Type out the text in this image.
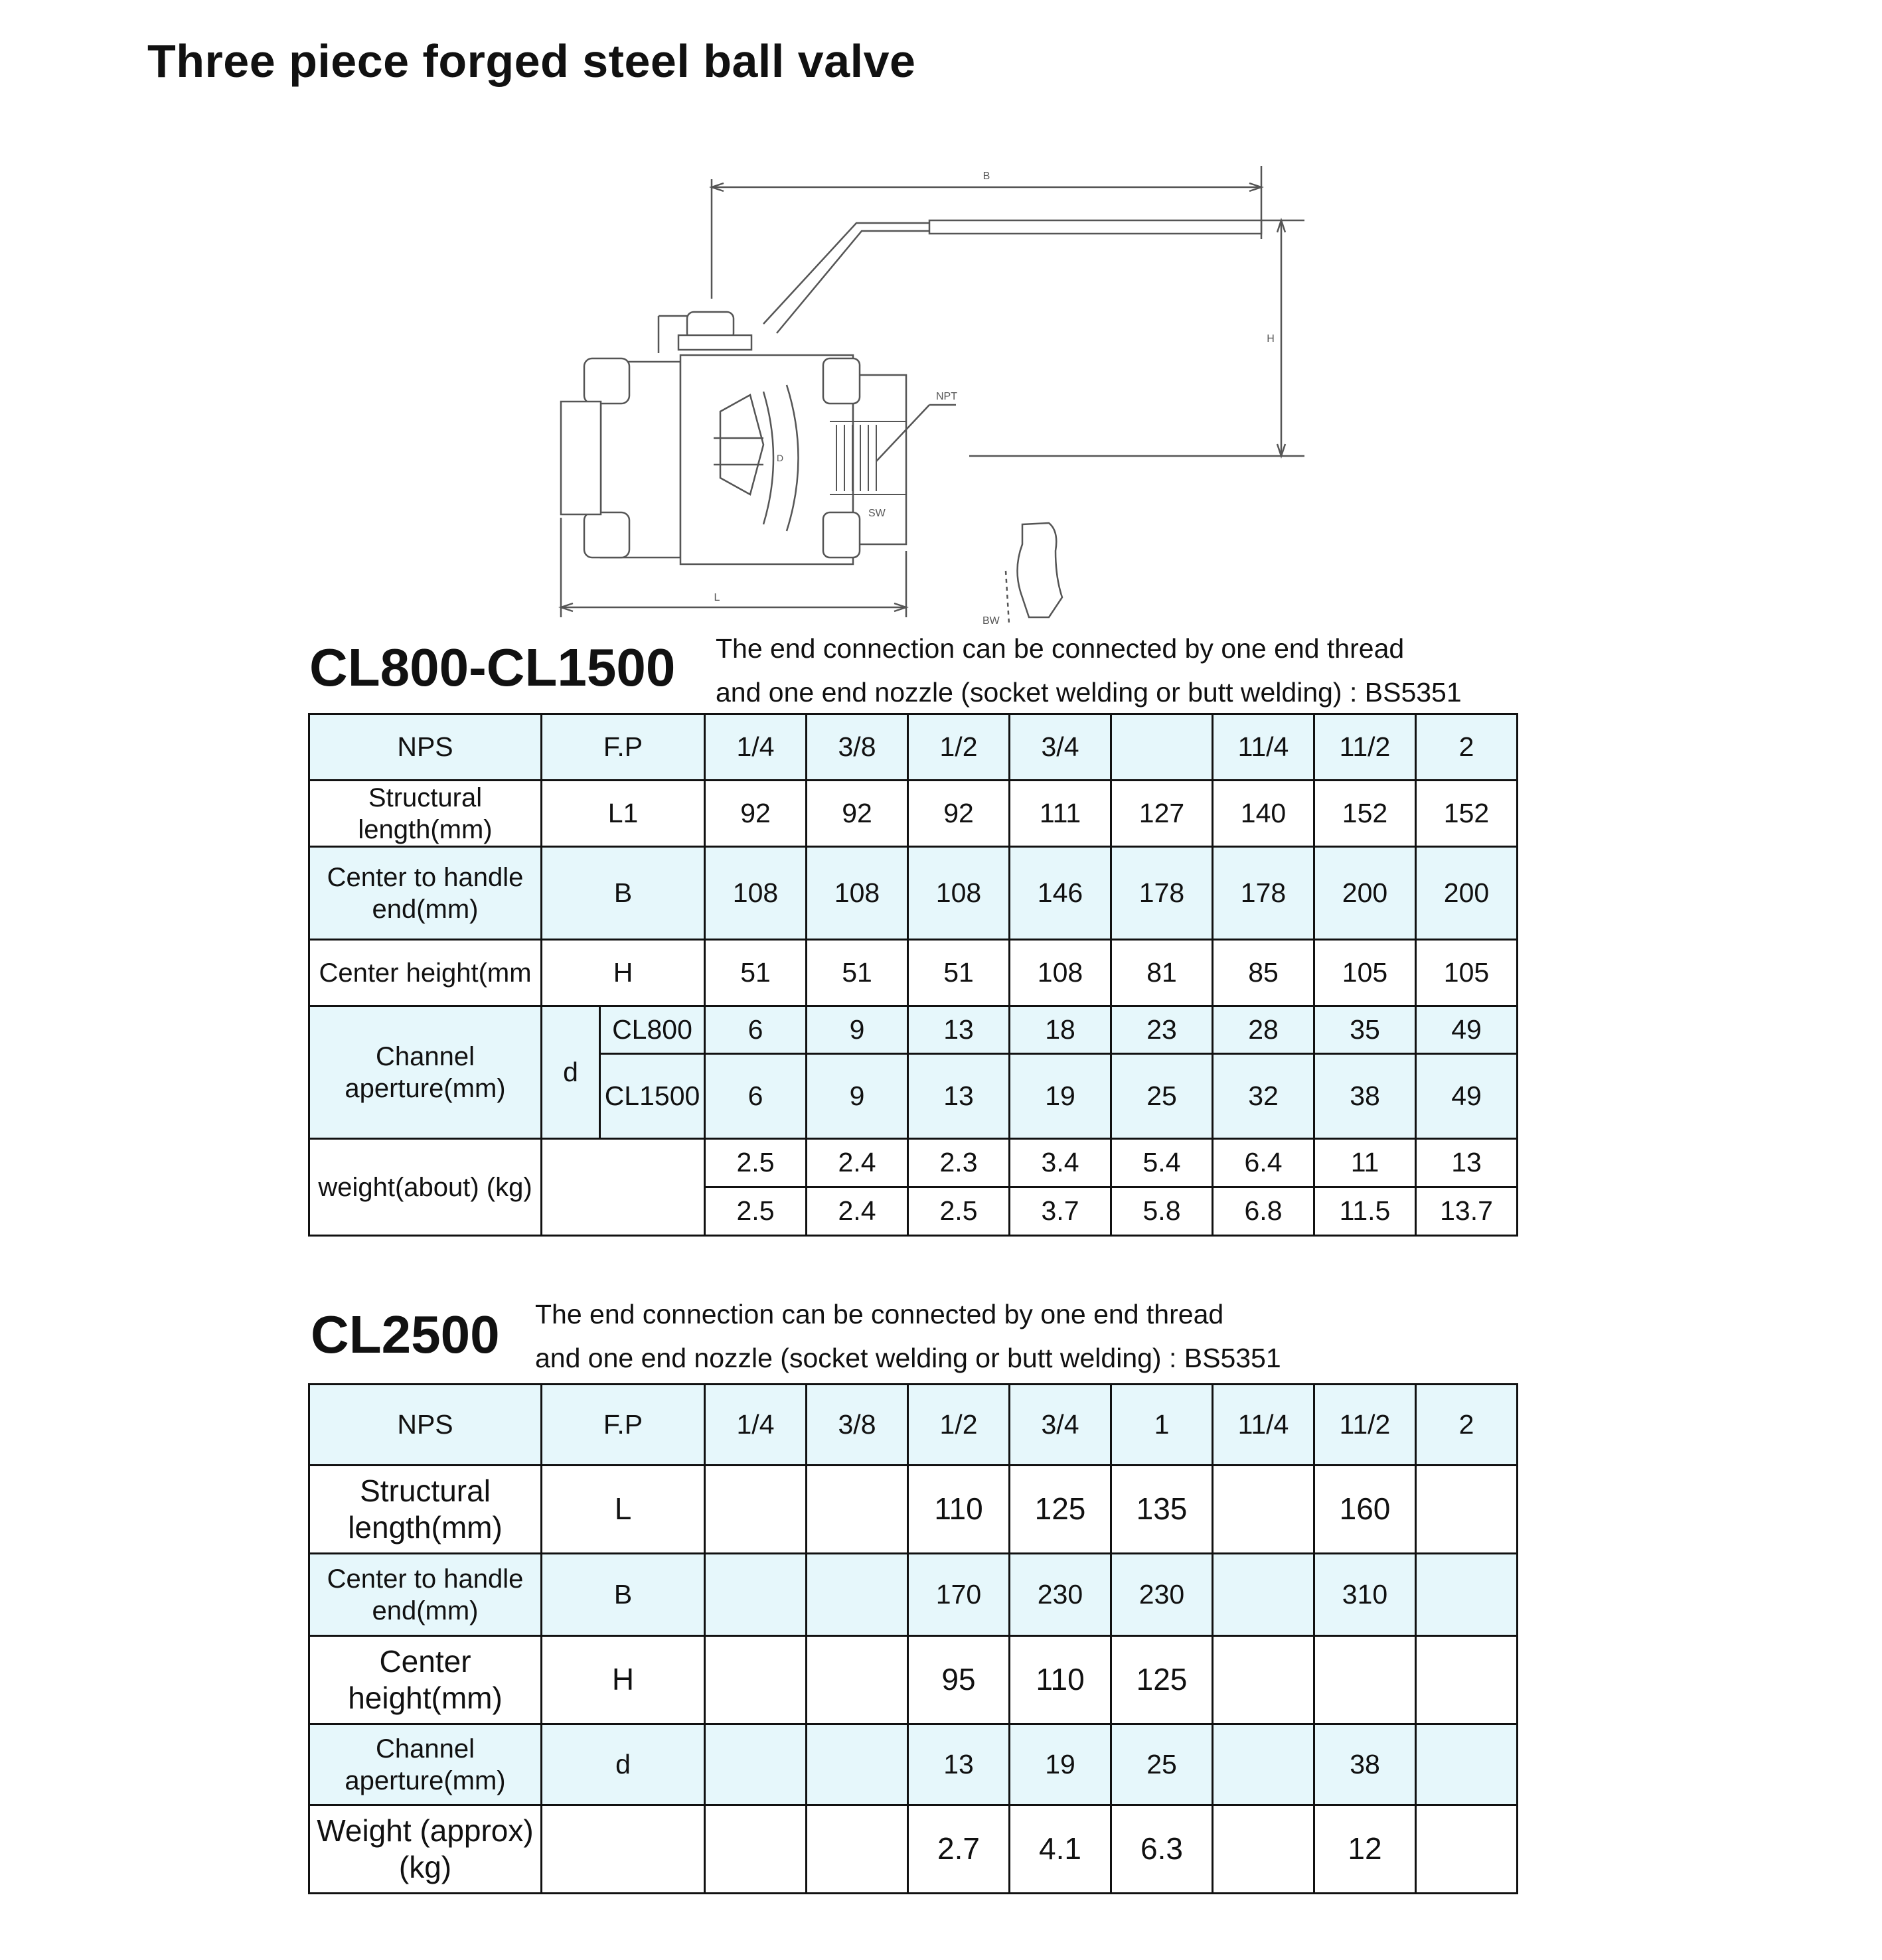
Three piece forged steel ball valve
B
H
D
NPT
SW
L
BW
CL800-CL1500 The end connection can be connected by one end thread
and one end nozzle (socket welding or butt welding) : BS5351
NPS	F.P		1/4	3/8	1/2	3/4		11/4	11/2	2
Structural length(mm)	L1		92	92	92	111	127	140	152	152
Center to handle end(mm)	B		108	108	108	146	178	178	200	200
Center height(mm	H		51	51	51	108	81	85	105	105
Channel aperture(mm)	d	CL800	6	9	13	18	23	28	35	49
		CL1500	6	9	13	19	25	32	38	49
weight(about) (kg)			2.5	2.4	2.3	3.4	5.4	6.4	11	13
			2.5	2.4	2.5	3.7	5.8	6.8	11.5	13.7
CL2500 The end connection can be connected by one end thread
and one end nozzle (socket welding or butt welding) : BS5351
NPS	F.P	1/4	3/8	1/2	3/4	1	11/4	11/2	2
Structural length(mm)	L			110	125	135		160	
Center to handle end(mm)	B			170	230	230		310	
Center height(mm)	H			95	110	125			
Channel aperture(mm)	d			13	19	25		38	
Weight (approx)(kg)				2.7	4.1	6.3		12	
